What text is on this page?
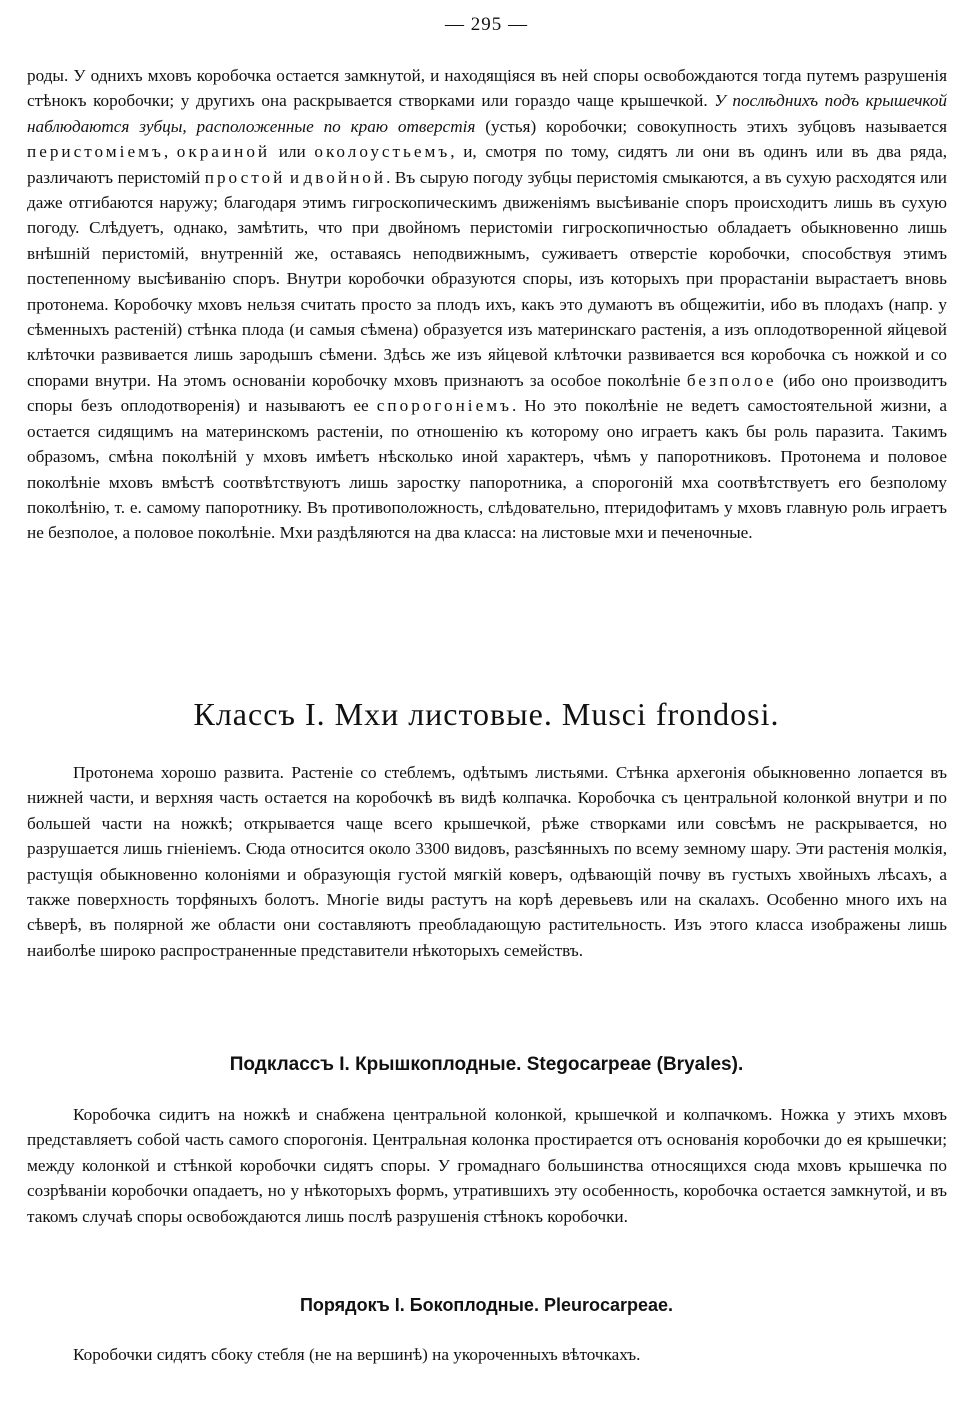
— 295 —

роды. У однихъ мховъ коробочка остается замкнутой, и находящіяся въ ней споры освобождаются тогда путемъ разрушенія стѣнокъ коробочки; у другихъ она раскрывается створками или гораздо чаще крышечкой. У послѣднихъ подъ крышечкой наблюдаются зубцы, расположенные по краю отверстія (устья) коробочки; совокупность этихъ зубцовъ называется перистоміемъ, окраиной или околоустьемъ, и, смотря по тому, сидятъ ли они въ одинъ или въ два ряда, различаютъ перистомій простой и двойной. Въ сырую погоду зубцы перистомія смыкаются, а въ сухую расходятся или даже отгибаются наружу; благодаря этимъ гигроскопическимъ движеніямъ высѣиваніе споръ происходитъ лишь въ сухую погоду. Слѣдуетъ, однако, замѣтить, что при двойномъ перистоміи гигроскопичностью обладаетъ обыкновенно лишь внѣшній перистомій, внутренній же, оставаясь неподвижнымъ, суживаетъ отверстіе коробочки, способствуя этимъ постепенному высѣиванію споръ. Внутри коробочки образуются споры, изъ которыхъ при прорастаніи вырастаетъ вновь протонема. Коробочку мховъ нельзя считать просто за плодъ ихъ, какъ это думаютъ въ общежитіи, ибо въ плодахъ (напр. у сѣменныхъ растеній) стѣнка плода (и самыя сѣмена) образуется изъ материнскаго растенія, а изъ оплодотворенной яйцевой клѣточки развивается лишь зародышъ сѣмени. Здѣсь же изъ яйцевой клѣточки развивается вся коробочка съ ножкой и со спорами внутри. На этомъ основаніи коробочку мховъ признаютъ за особое поколѣніе безполое (ибо оно производитъ споры безъ оплодотворенія) и называютъ ее спорогоніемъ. Но это поколѣніе не ведетъ самостоятельной жизни, а остается сидящимъ на материнскомъ растеніи, по отношенію къ которому оно играетъ какъ бы роль паразита. Такимъ образомъ, смѣна поколѣній у мховъ имѣетъ нѣсколько иной характеръ, чѣмъ у папоротниковъ. Протонема и половое поколѣніе мховъ вмѣстѣ соотвѣтствуютъ лишь заростку папоротника, а спорогоній мха соотвѣтствуетъ его безполому поколѣнію, т. е. самому папоротнику. Въ противоположность, слѣдовательно, птеридофитамъ у мховъ главную роль играетъ не безполое, а половое поколѣніе. Мхи раздѣляются на два класса: на листовые мхи и печеночные.

Классъ I. Мхи листовые. Musci frondosi.

Протонема хорошо развита. Растеніе со стеблемъ, одѣтымъ листьями. Стѣнка архегонія обыкновенно лопается въ нижней части, и верхняя часть остается на коробочкѣ въ видѣ колпачка. Коробочка съ центральной колонкой внутри и по большей части на ножкѣ; открывается чаще всего крышечкой, рѣже створками или совсѣмъ не раскрывается, но разрушается лишь гніеніемъ. Сюда относится около 3300 видовъ, разсѣянныхъ по всему земному шару. Эти растенія молкія, растущія обыкновенно колоніями и образующія густой мягкій коверъ, одѣвающій почву въ густыхъ хвойныхъ лѣсахъ, а также поверхность торфяныхъ болотъ. Многіе виды растутъ на корѣ деревьевъ или на скалахъ. Особенно много ихъ на сѣверѣ, въ полярной же области они составляютъ преобладающую растительность. Изъ этого класса изображены лишь наиболѣе широко распространенные представители нѣкоторыхъ семействъ.

Подклассъ I. Крышкоплодные. Stegocarpeae (Bryales).

Коробочка сидитъ на ножкѣ и снабжена центральной колонкой, крышечкой и колпачкомъ. Ножка у этихъ мховъ представляетъ собой часть самого спорогонія. Центральная колонка простирается отъ основанія коробочки до ея крышечки; между колонкой и стѣнкой коробочки сидятъ споры. У громаднаго большинства относящихся сюда мховъ крышечка по созрѣваніи коробочки опадаетъ, но у нѣкоторыхъ формъ, утратившихъ эту особенность, коробочка остается замкнутой, и въ такомъ случаѣ споры освобождаются лишь послѣ разрушенія стѣнокъ коробочки.

Порядокъ I. Бокоплодные. Pleurocarpeae.

Коробочки сидятъ сбоку стебля (не на вершинѣ) на укороченныхъ вѣточкахъ.
